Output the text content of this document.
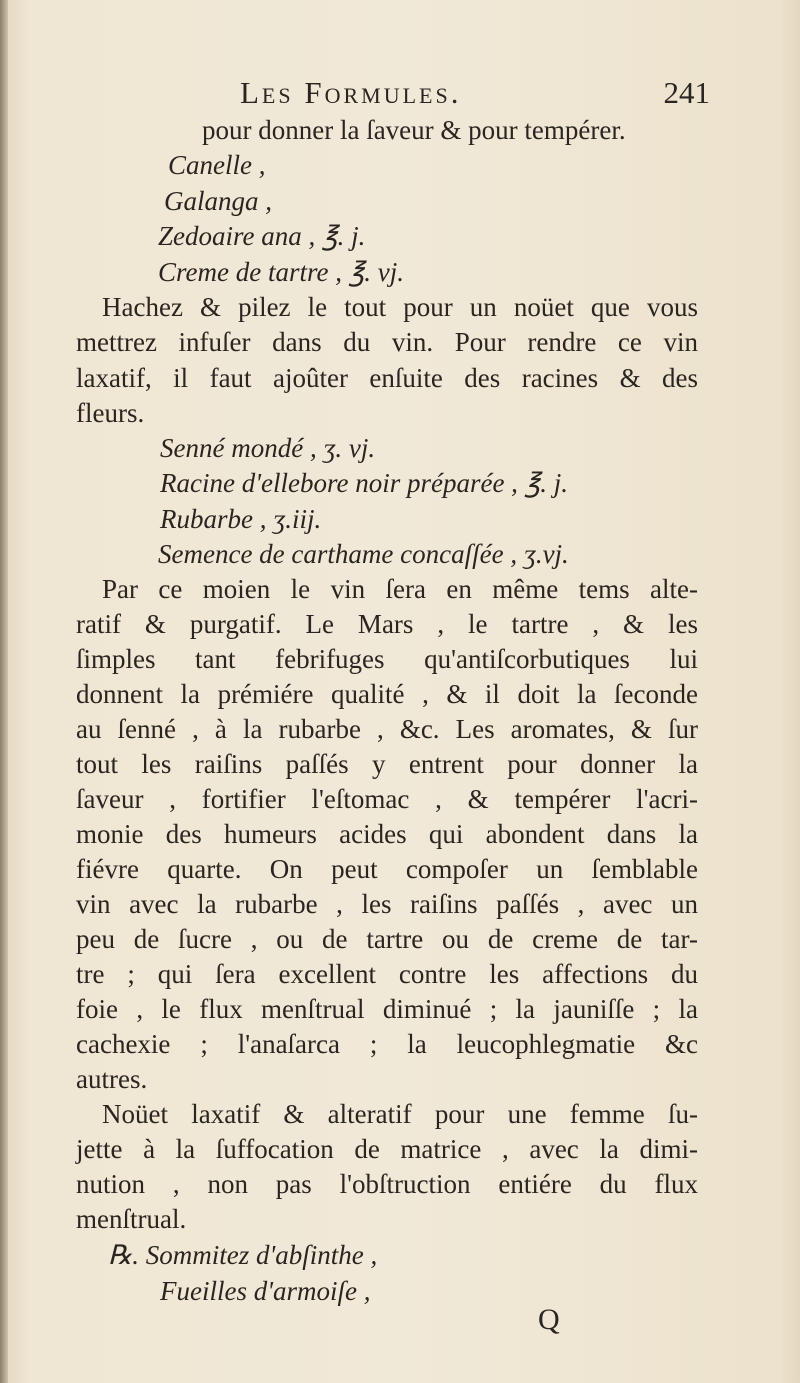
Les Formules.	241
pour donner la ſaveur & pour tempérer.
Canelle ,
Galanga ,
Zedoaire ana , ℥. j.
Creme de tartre , ℥. vj.
Hachez & pilez le tout pour un noüet que vous
mettrez infuſer dans du vin. Pour rendre ce vin
laxatif, il faut ajoûter enſuite des racines & des
fleurs.
Senné mondé , ʒ. vj.
Racine d'ellebore noir préparée , ℥. j.
Rubarbe , ʒ.iij.
Semence de carthame concaſſée , ʒ.vj.
Par ce moien le vin ſera en même tems alte-
ratif & purgatif. Le Mars , le tartre , & les
ſimples tant febrifuges qu'antiſcorbutiques lui
donnent la prémiére qualité , & il doit la ſeconde
au ſenné , à la rubarbe , &c. Les aromates, & ſur
tout les raiſins paſſés y entrent pour donner la
ſaveur , fortifier l'eſtomac , & tempérer l'acri-
monie des humeurs acides qui abondent dans la
fiévre quarte. On peut compoſer un ſemblable
vin avec la rubarbe , les raiſins paſſés , avec un
peu de ſucre , ou de tartre ou de creme de tar-
tre ; qui ſera excellent contre les affections du
foie , le flux menſtrual diminué ; la jauniſſe ; la
cachexie ; l'anaſarca ; la leucophlegmatie &c
autres.
Noüet laxatif & alteratif pour une femme ſu-
jette à la ſuffocation de matrice , avec la dimi-
nution , non pas l'obſtruction entiére du flux
menſtrual.
℞. Sommitez d'abſinthe ,
Fueilles d'armoiſe ,
Q
